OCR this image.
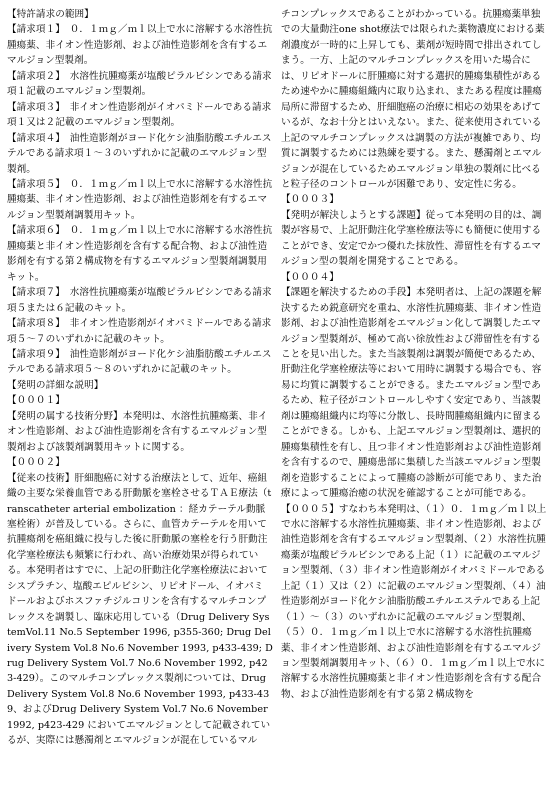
【特許請求の範囲】

【請求項１】　０．１ｍｇ／ｍｌ以上で水に溶解する水溶性抗腫瘍薬、非イオン性造影剤、および油性造影剤を含有するエマルジョン型製剤。

【請求項２】　水溶性抗腫瘍薬が塩酸ピラルビシンである請求項１記載のエマルジョン型製剤。

【請求項３】　非イオン性造影剤がイオパミドールである請求項１又は２記載のエマルジョン型製剤。

【請求項４】　油性造影剤がヨード化ケシ油脂肪酸エチルエステルである請求項１～３のいずれかに記載のエマルジョン型製剤。

【請求項５】　０．１ｍｇ／ｍｌ以上で水に溶解する水溶性抗腫瘍薬、非イオン性造影剤、および油性造影剤を有するエマルジョン型製剤調製用キット。

【請求項６】　０．１ｍｇ／ｍｌ以上で水に溶解する水溶性抗腫瘍薬と非イオン性造影剤を含有する配合物、および油性造影剤を有する第２構成物を有するエマルジョン型製剤調製用キット。

【請求項７】　水溶性抗腫瘍薬が塩酸ピラルビシンである請求項５または６記載のキット。

【請求項８】　非イオン性造影剤がイオパミドールである請求項５～７のいずれかに記載のキット。

【請求項９】　油性造影剤がヨード化ケシ油脂肪酸エチルエステルである請求項５～８のいずれかに記載のキット。

【発明の詳細な説明】

【０００１】

【発明の属する技術分野】本発明は、水溶性抗腫瘍薬、非イオン性造影剤、および油性造影剤を含有するエマルジョン型製剤および該製剤調製用キットに関する。

【０００２】

【従来の技術】肝細胞癌に対する治療法として、近年、癌組織の主要な栄養血管である肝動脈を塞栓させるＴＡＥ療法（transcatheter arterial embolization ：経カテーテル動脈塞栓術）が普及している。さらに、血管カテーテルを用いて抗腫瘍剤を癌組織に投与した後に肝動脈の塞栓を行う肝動注化学塞栓療法も頻繁に行われ、高い治療効果が得られている。本発明者はすでに、上記の肝動注化学塞栓療法においてシスプラチン、塩酸エピルビシン、リピオドール、イオパミドールおよびホスファチジルコリンを含有するマルチコンプレックスを調製し、臨床応用している（Drug Delivery SystemVol.11 No.5 September 1996, p355-360; Drug Delivery System Vol.8 No.6 November 1993, p433-439; Drug Delivery System Vol.7 No.6 November 1992, p423-429）。このマルチコンプレックス製剤については、Drug Delivery System Vol.8 No.6 November 1993, p433-439、およびDrug Delivery System Vol.7 No.6 November 1992, p423-429 においてエマルジョンとして記載されているが、実際には懸濁剤とエマルジョンが混在しているマル

チコンプレックスであることがわかっている。抗腫瘍薬単独での大量動注one shot療法では限られた薬物濃度における薬剤濃度が一時的に上昇しても、薬剤が短時間で排出されてしまう。一方、上記のマルチコンプレックスを用いた場合には、リピオドールに肝腫瘍に対する選択的腫瘍集積性があるため速やかに腫瘍組織内に取り込まれ、またある程度は腫瘍局所に滞留するため、肝細胞癌の治療に相応の効果をあげているが、なお十分とはいえない。また、従来使用されている上記のマルチコンプレックスは調製の方法が複雑であり、均質に調製するためには熟練を要する。また、懸濁剤とエマルジョンが混在しているためエマルジョン単独の製剤に比べると粒子径のコントロールが困難であり、安定性に劣る。

【０００３】

【発明が解決しようとする課題】従って本発明の目的は、調製が容易で、上記肝動注化学塞栓療法等にも簡便に使用することができ、安定でかつ優れた抹放性、滞留性を有するエマルジョン型の製剤を開発することである。

【０００４】

【課題を解決するための手段】本発明者は、上記の課題を解決するため鋭意研究を重ね、水溶性抗腫瘍薬、非イオン性造影剤、および油性造影剤をエマルジョン化して調製したエマルジョン型製剤が、極めて高い徐放性および滞留性を有することを見い出した。また当該製剤は調製が簡便であるため、肝動注化学塞栓療法等において用時に調製する場合でも、容易に均質に調製することができる。またエマルジョン型であるため、粒子径がコントロールしやすく安定であり、当該製剤は腫瘍組織内に均等に分散し、長時間腫瘍組織内に留まることができる。しかも、上記エマルジョン型製剤は、選択的腫瘍集積性を有し、且つ非イオン性造影剤および油性造影剤を含有するので、腫瘍患部に集積した当該エマルジョン型製剤を造影することによって腫瘍の診断が可能であり、また治療によって腫瘍治癒の状況を確認することが可能である。

【０００５】すなわち本発明は、（１）０．１ｍｇ／ｍｌ以上で水に溶解する水溶性抗腫瘍薬、非イオン性造影剤、および油性造影剤を含有するエマルジョン型製剤、（２）水溶性抗腫瘍薬が塩酸ピラルビシンである上記（１）に記載のエマルジョン型製剤、（３）非イオン性造影剤がイオパミドールである上記（１）又は（２）に記載のエマルジョン型製剤、（４）油性造影剤がヨード化ケシ油脂肪酸エチルエステルである上記（１）～（３）のいずれかに記載のエマルジョン型製剤、（５）０．１ｍｇ／ｍｌ以上で水に溶解する水溶性抗腫瘍薬、非イオン性造影剤、および油性造影剤を有するエマルジョン型製剤調製用キット、（６）０．１ｍｇ／ｍｌ以上で水に溶解する水溶性抗腫瘍薬と非イオン性造影剤を含有する配合物、および油性造影剤を有する第２構成物を
